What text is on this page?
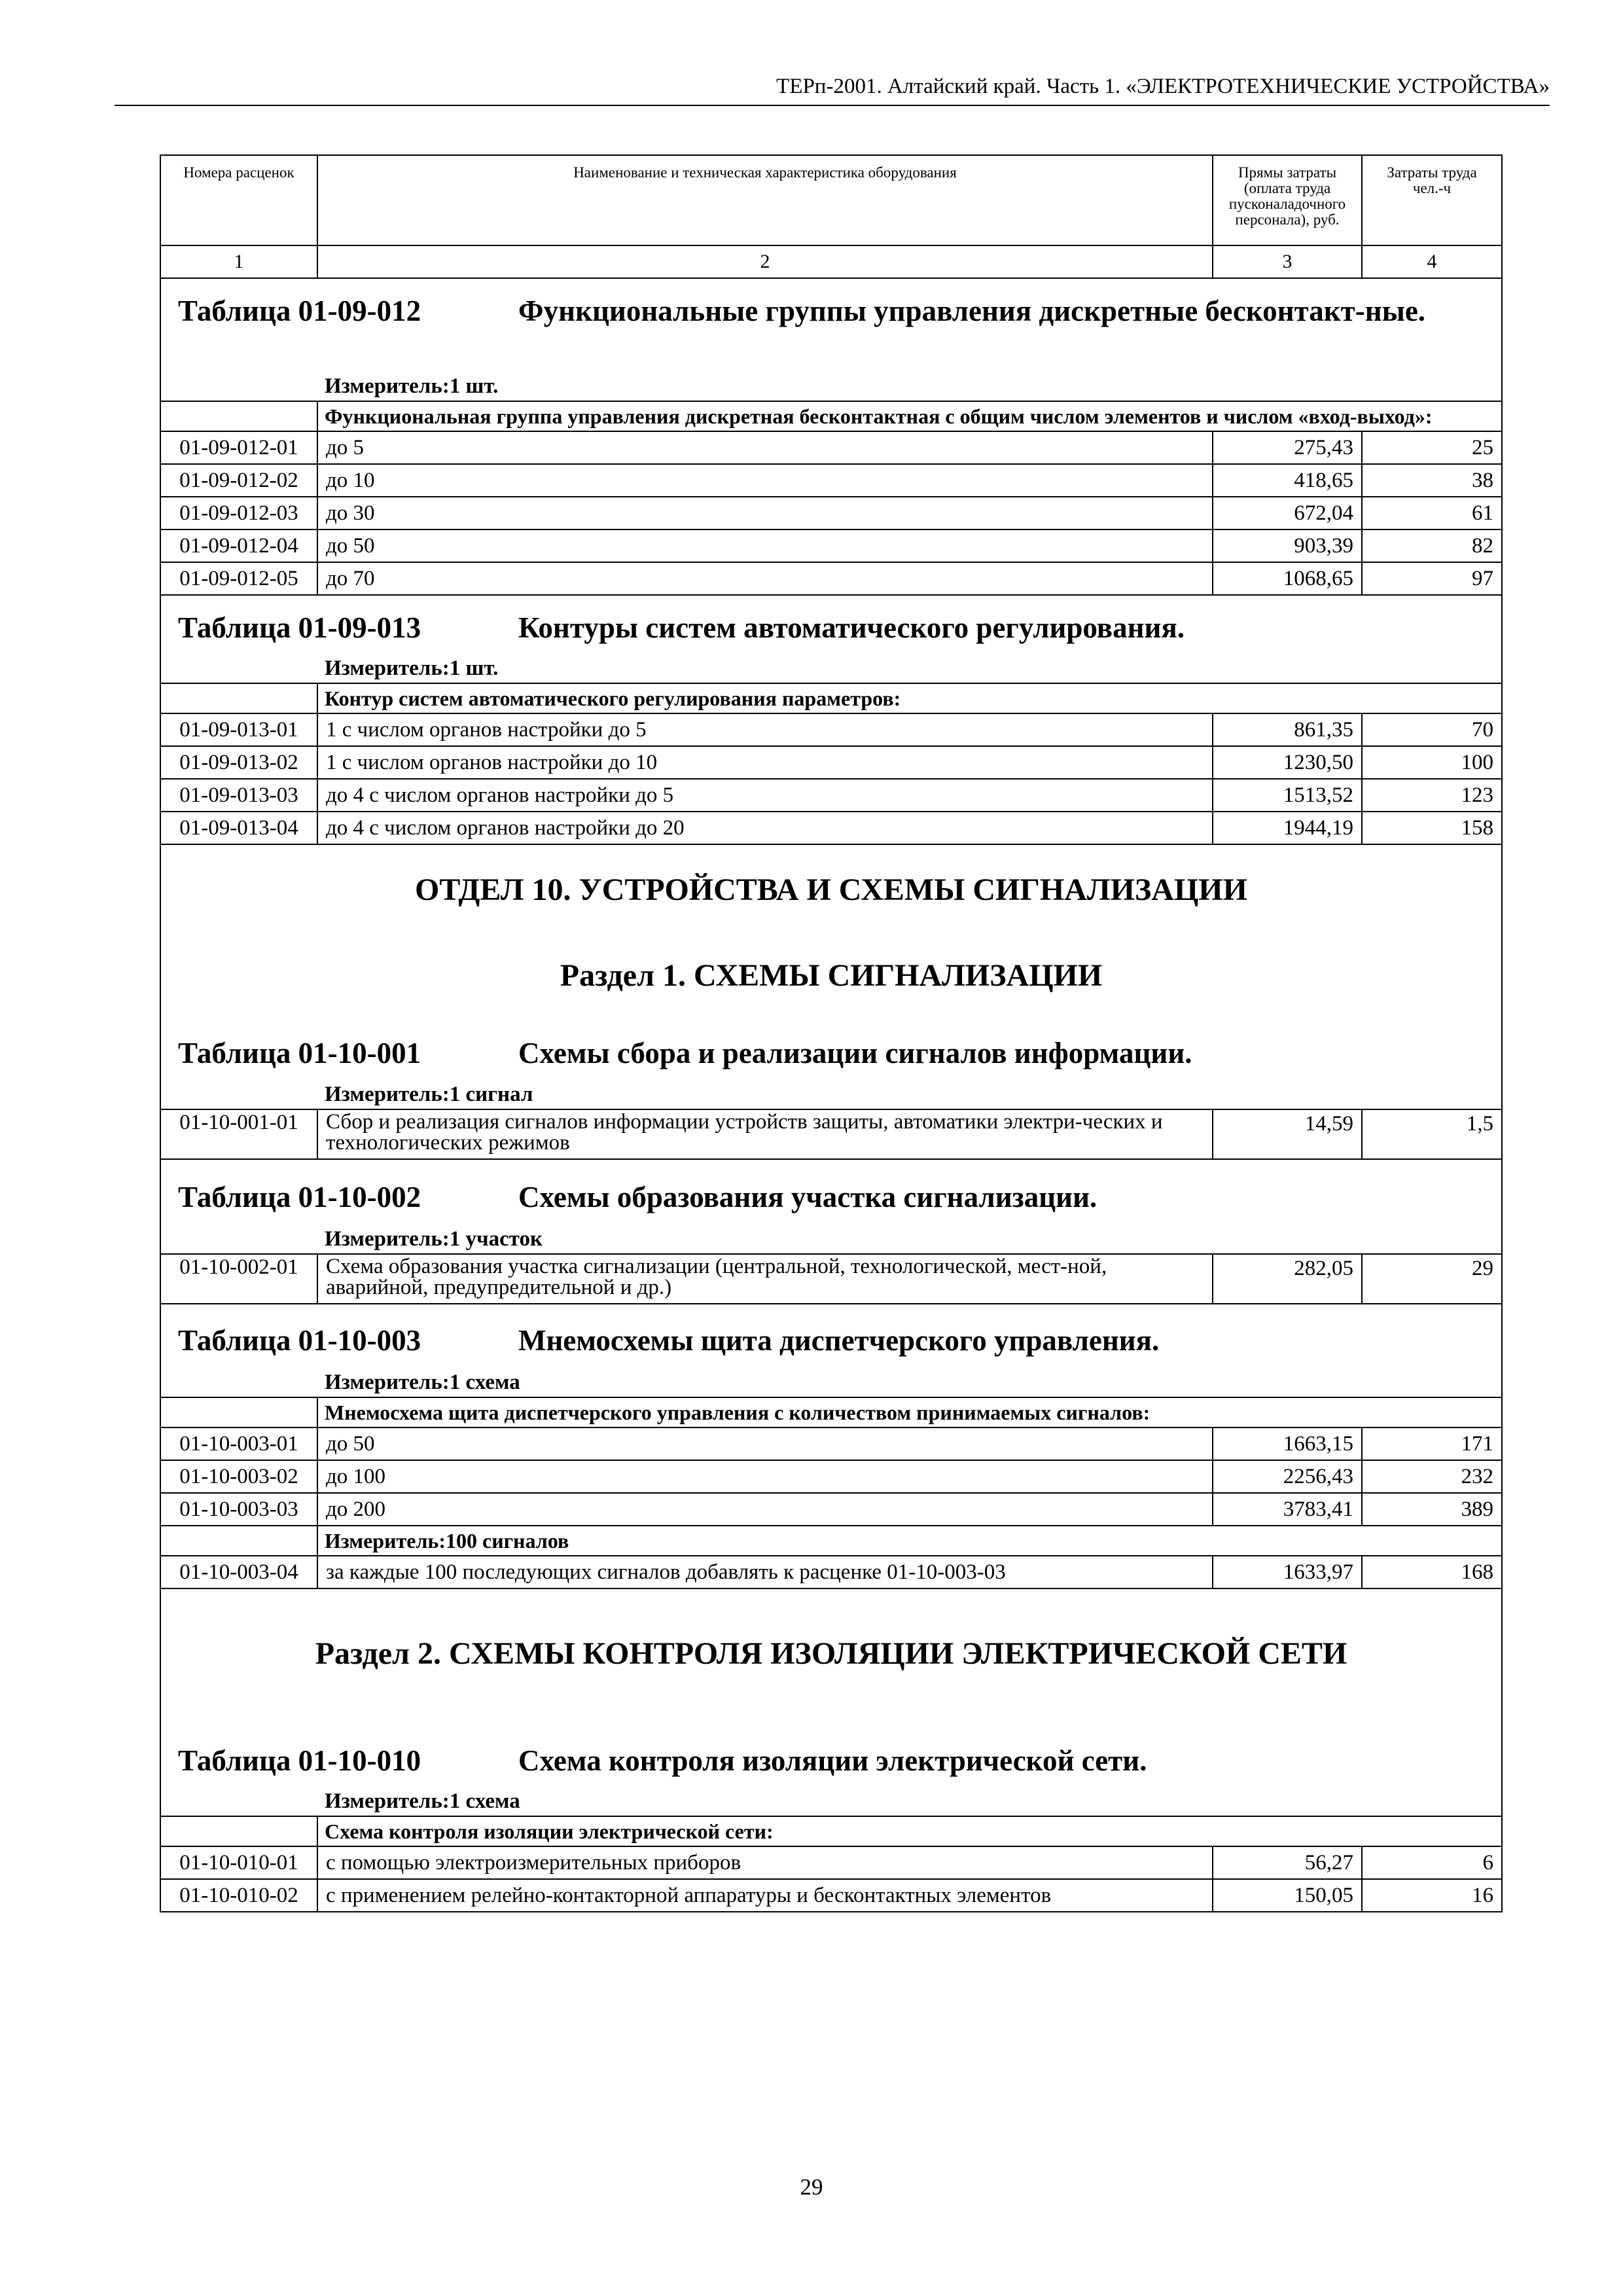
ТЕРп-2001. Алтайский край. Часть 1. «ЭЛЕКТРОТЕХНИЧЕСКИЕ УСТРОЙСТВА»
Номера расценок	Наименование и техническая характеристика оборудования	Прямы затраты (оплата труда пусконаладочного персонала), руб.	Затраты труда чел.-ч
1	2	3	4

Таблица 01-09-012 Функциональные группы управления дискретные бесконтакт-ные.			

Измеритель:1 шт.			
	Функциональная группа управления дискретная бесконтактная с общим числом элементов и числом «вход-выход»:		
01-09-012-01	до 5	275,43	25
01-09-012-02	до 10	418,65	38
01-09-012-03	до 30	672,04	61
01-09-012-04	до 50	903,39	82
01-09-012-05	до 70	1068,65	97

Таблица 01-09-013 Контуры систем автоматического регулирования.			

Измеритель:1 шт.			
	Контур систем автоматического регулирования параметров:		
01-09-013-01	1 с числом органов настройки до 5	861,35	70
01-09-013-02	1 с числом органов настройки до 10	1230,50	100
01-09-013-03	до 4 с числом органов настройки до 5	1513,52	123
01-09-013-04	до 4 с числом органов настройки до 20	1944,19	158
ОТДЕЛ 10. УСТРОЙСТВА И СХЕМЫ СИГНАЛИЗАЦИИ			
Раздел 1. СХЕМЫ СИГНАЛИЗАЦИИ			

Таблица 01-10-001 Схемы сбора и реализации сигналов информации.			

Измеритель:1 сигнал			
01-10-001-01	Сбор и реализация сигналов информации устройств защиты, автоматики электри-ческих и технологических режимов	14,59	1,5

Таблица 01-10-002 Схемы образования участка сигнализации.			

Измеритель:1 участок			
01-10-002-01	Схема образования участка сигнализации (центральной, технологической, мест-ной, аварийной, предупредительной и др.)	282,05	29

Таблица 01-10-003 Мнемосхемы щита диспетчерского управления.			

Измеритель:1 схема			
	Мнемосхема щита диспетчерского управления с количеством принимаемых сигналов:		
01-10-003-01	до 50	1663,15	171
01-10-003-02	до 100	2256,43	232
01-10-003-03	до 200	3783,41	389
	Измеритель:100 сигналов		
01-10-003-04	за каждые 100 последующих сигналов добавлять к расценке 01-10-003-03	1633,97	168
Раздел 2. СХЕМЫ КОНТРОЛЯ ИЗОЛЯЦИИ ЭЛЕКТРИЧЕСКОЙ СЕТИ			

Таблица 01-10-010 Схема контроля изоляции электрической сети.			

Измеритель:1 схема			
	Схема контроля изоляции электрической сети:		
01-10-010-01	с помощью электроизмерительных приборов	56,27	6
01-10-010-02	с применением релейно-контакторной аппаратуры и бесконтактных элементов	150,05	16
29
